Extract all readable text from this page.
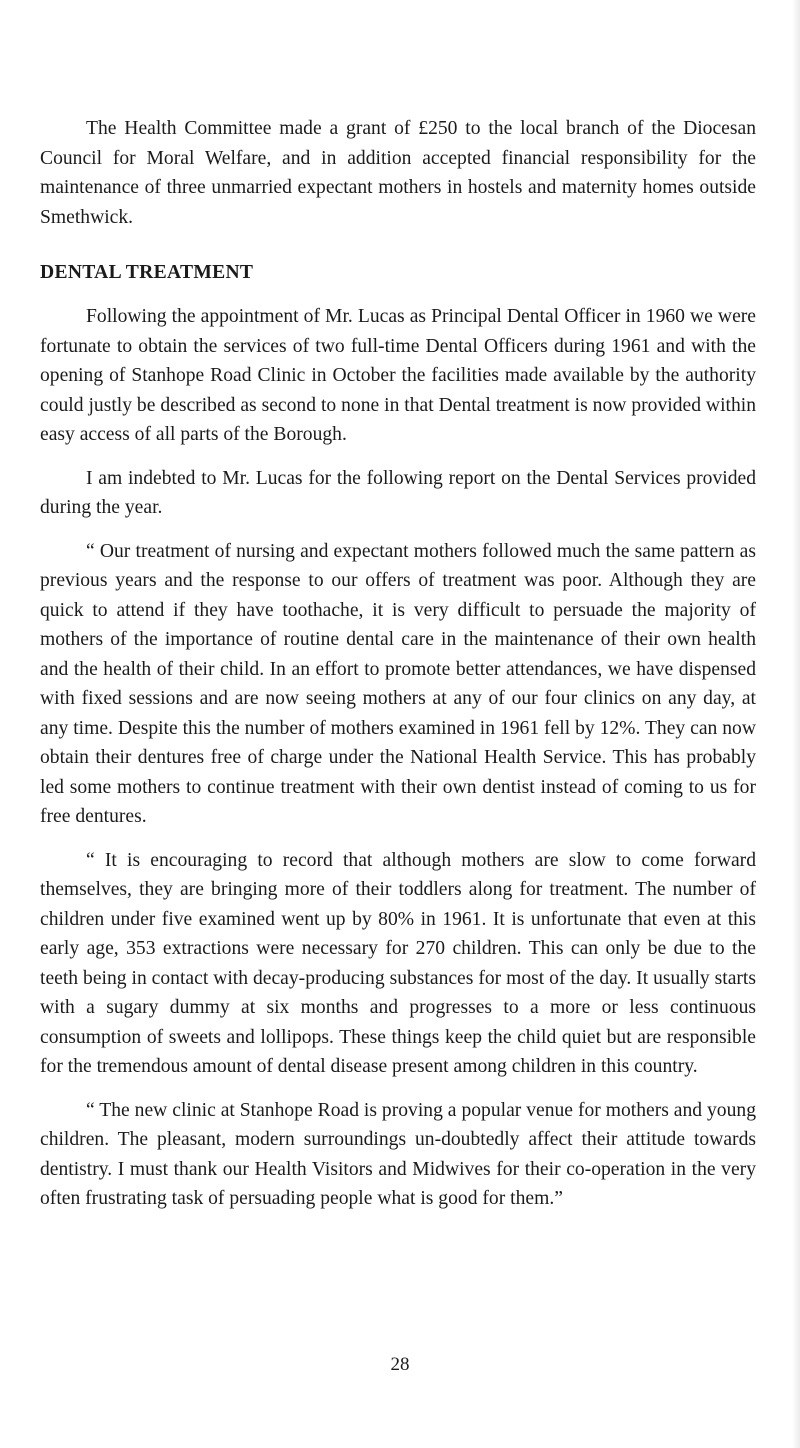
The Health Committee made a grant of £250 to the local branch of the Diocesan Council for Moral Welfare, and in addition accepted financial responsibility for the maintenance of three unmarried expectant mothers in hostels and maternity homes outside Smethwick.

DENTAL TREATMENT

Following the appointment of Mr. Lucas as Principal Dental Officer in 1960 we were fortunate to obtain the services of two full-time Dental Officers during 1961 and with the opening of Stanhope Road Clinic in October the facilities made available by the authority could justly be described as second to none in that Dental treatment is now provided within easy access of all parts of the Borough.

I am indebted to Mr. Lucas for the following report on the Dental Services provided during the year.

“ Our treatment of nursing and expectant mothers followed much the same pattern as previous years and the response to our offers of treatment was poor. Although they are quick to attend if they have toothache, it is very difficult to persuade the majority of mothers of the importance of routine dental care in the maintenance of their own health and the health of their child. In an effort to promote better attendances, we have dispensed with fixed sessions and are now seeing mothers at any of our four clinics on any day, at any time. Despite this the number of mothers examined in 1961 fell by 12%. They can now obtain their dentures free of charge under the National Health Service. This has probably led some mothers to continue treatment with their own dentist instead of coming to us for free dentures.

“ It is encouraging to record that although mothers are slow to come forward themselves, they are bringing more of their toddlers along for treatment. The number of children under five examined went up by 80% in 1961. It is unfortunate that even at this early age, 353 extractions were necessary for 270 children. This can only be due to the teeth being in contact with decay-producing substances for most of the day. It usually starts with a sugary dummy at six months and progresses to a more or less continuous consumption of sweets and lollipops. These things keep the child quiet but are responsible for the tremendous amount of dental disease present among children in this country.

“ The new clinic at Stanhope Road is proving a popular venue for mothers and young children. The pleasant, modern surroundings un-doubtedly affect their attitude towards dentistry. I must thank our Health Visitors and Midwives for their co-operation in the very often frustrating task of persuading people what is good for them.”

28
